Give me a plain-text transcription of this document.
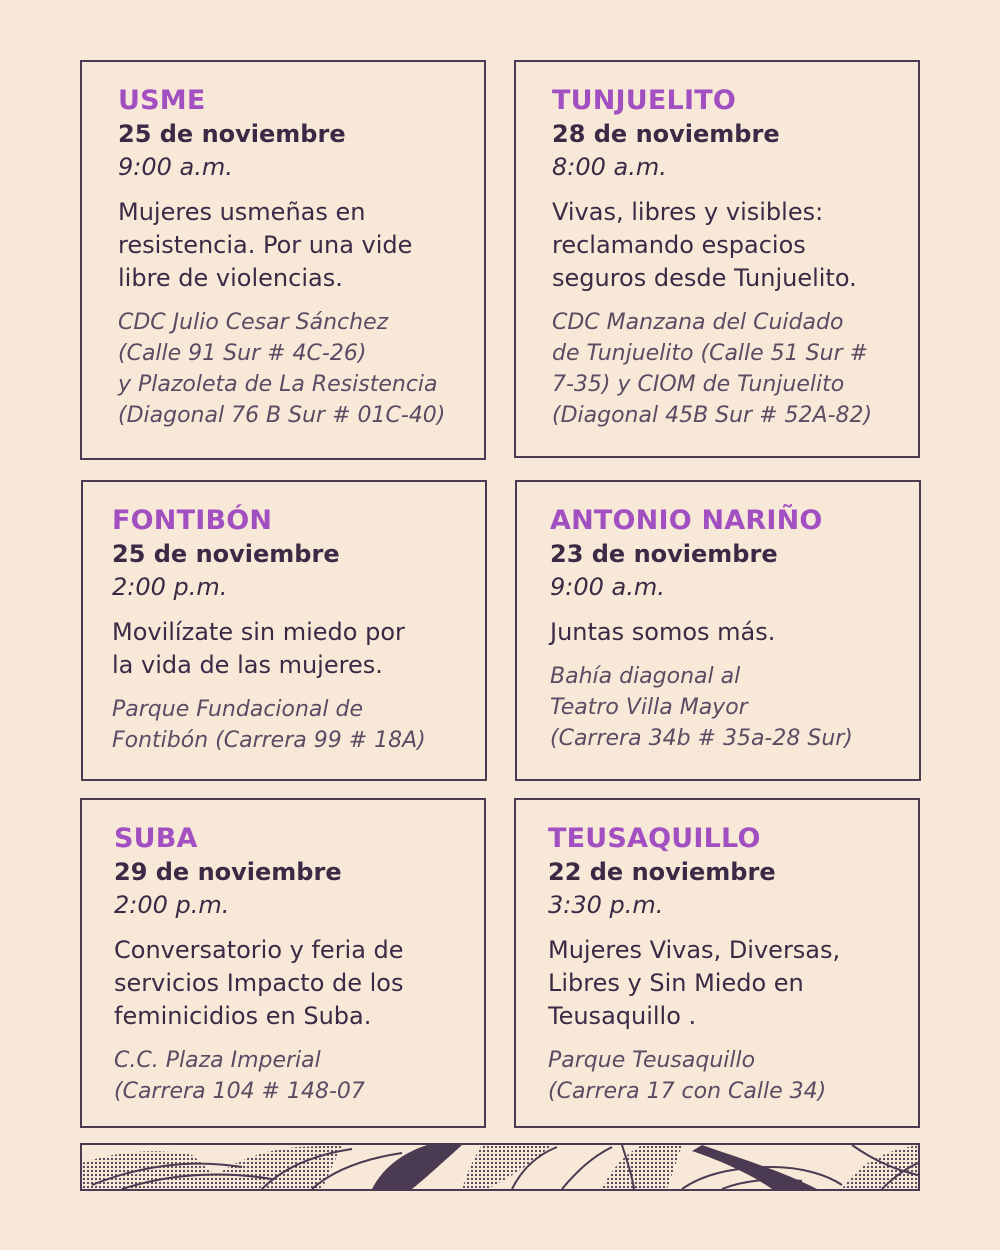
USME
25 de noviembre
9:00 a.m.
Mujeres usmeñas en
resistencia. Por una vide
libre de violencias.
CDC Julio Cesar Sánchez
(Calle 91 Sur # 4C-26)
y Plazoleta de La Resistencia
(Diagonal 76 B Sur # 01C-40)
TUNJUELITO
28 de noviembre
8:00 a.m.
Vivas, libres y visibles:
reclamando espacios
seguros desde Tunjuelito.
CDC Manzana del Cuidado
de Tunjuelito (Calle 51 Sur #
7-35) y CIOM de Tunjuelito
(Diagonal 45B Sur # 52A-82)
FONTIBÓN
25 de noviembre
2:00 p.m.
Movilízate sin miedo por
la vida de las mujeres.
Parque Fundacional de
Fontibón (Carrera 99 # 18A)
ANTONIO NARIÑO
23 de noviembre
9:00 a.m.
Juntas somos más.
Bahía diagonal al
Teatro Villa Mayor
(Carrera 34b # 35a-28 Sur)
SUBA
29 de noviembre
2:00 p.m.
Conversatorio y feria de
servicios Impacto de los
feminicidios en Suba.
C.C. Plaza Imperial
(Carrera 104 # 148-07
TEUSAQUILLO
22 de noviembre
3:30 p.m.
Mujeres Vivas, Diversas,
Libres y Sin Miedo en
Teusaquillo .
Parque Teusaquillo
(Carrera 17 con Calle 34)
